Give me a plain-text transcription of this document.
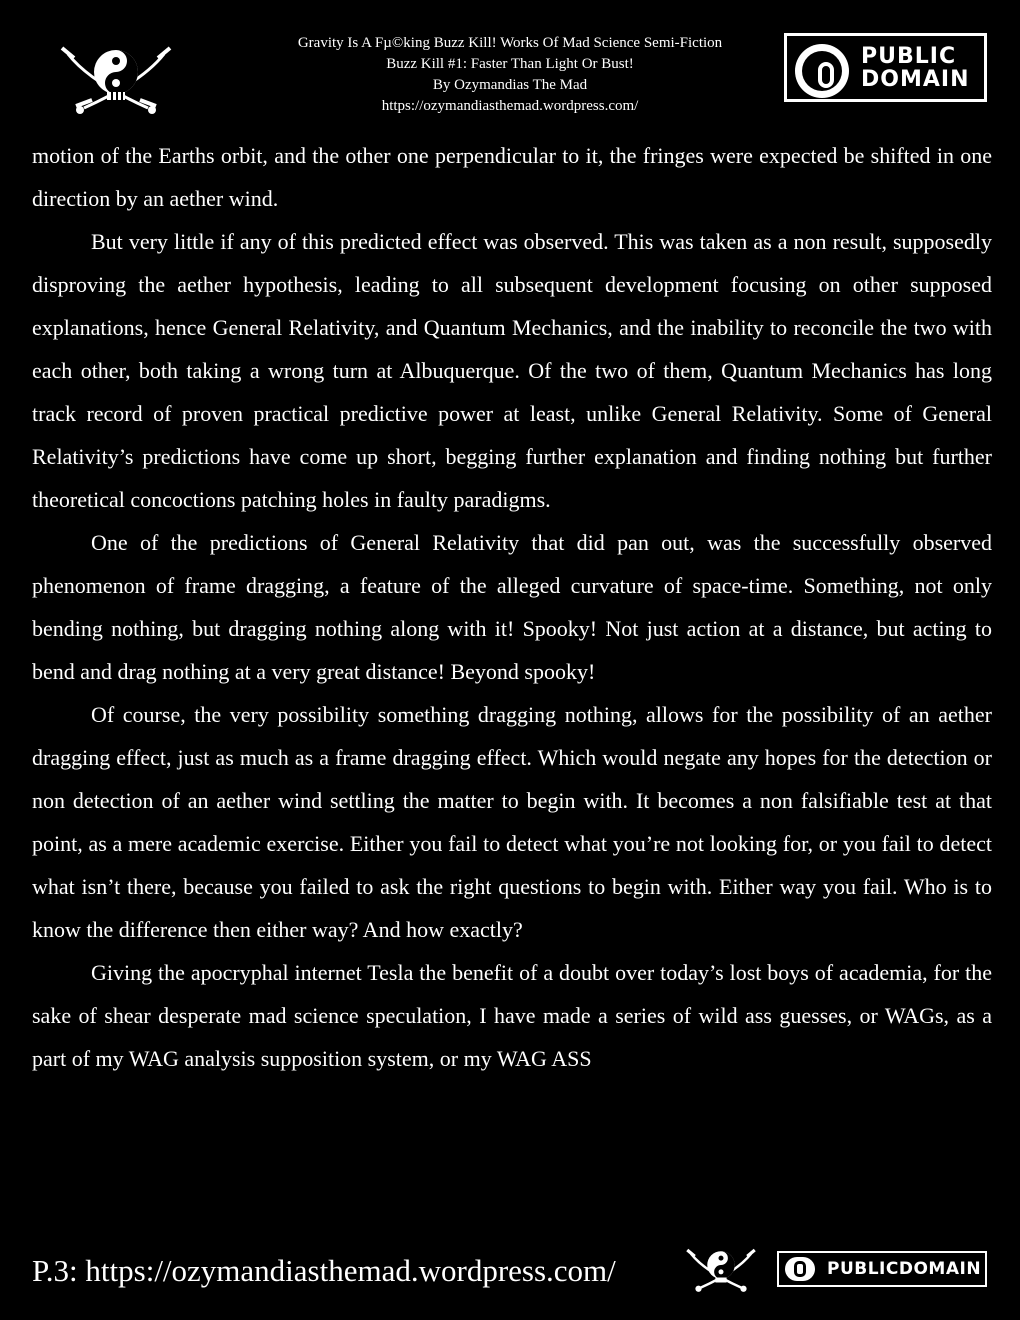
Gravity Is A Fµ©king Buzz Kill! Works Of Mad Science Semi-Fiction
Buzz Kill #1: Faster Than Light Or Bust!
By Ozymandias The Mad
https://ozymandiasthemad.wordpress.com/
PUBLIC
DOMAIN

motion of the Earths orbit, and the other one perpendicular to it, the fringes were expected be shifted in one direction by an aether wind.

But very little if any of this predicted effect was observed. This was taken as a non result, supposedly disproving the aether hypothesis, leading to all subsequent development focusing on other supposed explanations, hence General Relativity, and Quantum Mechanics, and the inability to reconcile the two with each other, both taking a wrong turn at Albuquerque. Of the two of them, Quantum Mechanics has long track record of proven practical predictive power at least, unlike General Relativity. Some of General Relativity’s predictions have come up short, begging further explanation and finding nothing but further theoretical concoctions patching holes in faulty paradigms.

One of the predictions of General Relativity that did pan out, was the successfully observed phenomenon of frame dragging, a feature of the alleged curvature of space-time. Something, not only bending nothing, but dragging nothing along with it! Spooky! Not just action at a distance, but acting to bend and drag nothing at a very great distance! Beyond spooky!

Of course, the very possibility something dragging nothing, allows for the possibility of an aether dragging effect, just as much as a frame dragging effect. Which would negate any hopes for the detection or non detection of an aether wind settling the matter to begin with. It becomes a non falsifiable test at that point, as a mere academic exercise. Either you fail to detect what you’re not looking for, or you fail to detect what isn’t there, because you failed to ask the right questions to begin with. Either way you fail. Who is to know the difference then either way? And how exactly?

Giving the apocryphal internet Tesla the benefit of a doubt over today’s lost boys of academia, for the sake of shear desperate mad science speculation, I have made a series of wild ass guesses, or WAGs, as a part of my WAG analysis supposition system, or my WAG ASS

P.3: https://ozymandiasthemad.wordpress.com/	PUBLICDOMAIN
